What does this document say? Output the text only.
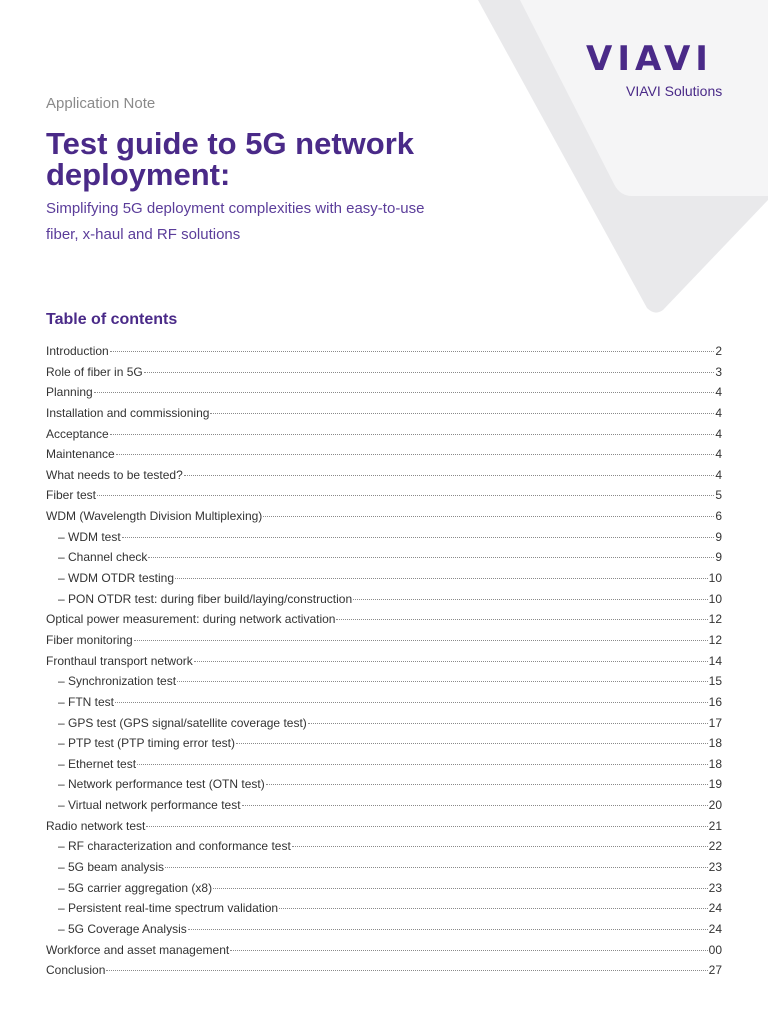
VIAVI
VIAVI Solutions
Application Note
Test guide to 5G network deployment:
Simplifying 5G deployment complexities with easy-to-use fiber, x-haul and RF solutions
Table of contents
Introduction	2
Role of fiber in 5G	3
Planning	4
Installation and commissioning	4
Acceptance	4
Maintenance	4
What needs to be tested?	4
Fiber test	5
WDM (Wavelength Division Multiplexing)	6
– WDM test	9
– Channel check	9
– WDM OTDR testing	10
– PON OTDR test: during fiber build/laying/construction	10
Optical power measurement: during network activation	12
Fiber monitoring	12
Fronthaul transport network	14
– Synchronization test	15
– FTN test	16
– GPS test (GPS signal/satellite coverage test)	17
– PTP test (PTP timing error test)	18
– Ethernet test	18
– Network performance test (OTN test)	19
– Virtual network performance test	20
Radio network test	21
– RF characterization and conformance test	22
– 5G beam analysis	23
– 5G carrier aggregation (x8)	23
– Persistent real-time spectrum validation	24
– 5G Coverage Analysis	24
Workforce and asset management	00
Conclusion	27
